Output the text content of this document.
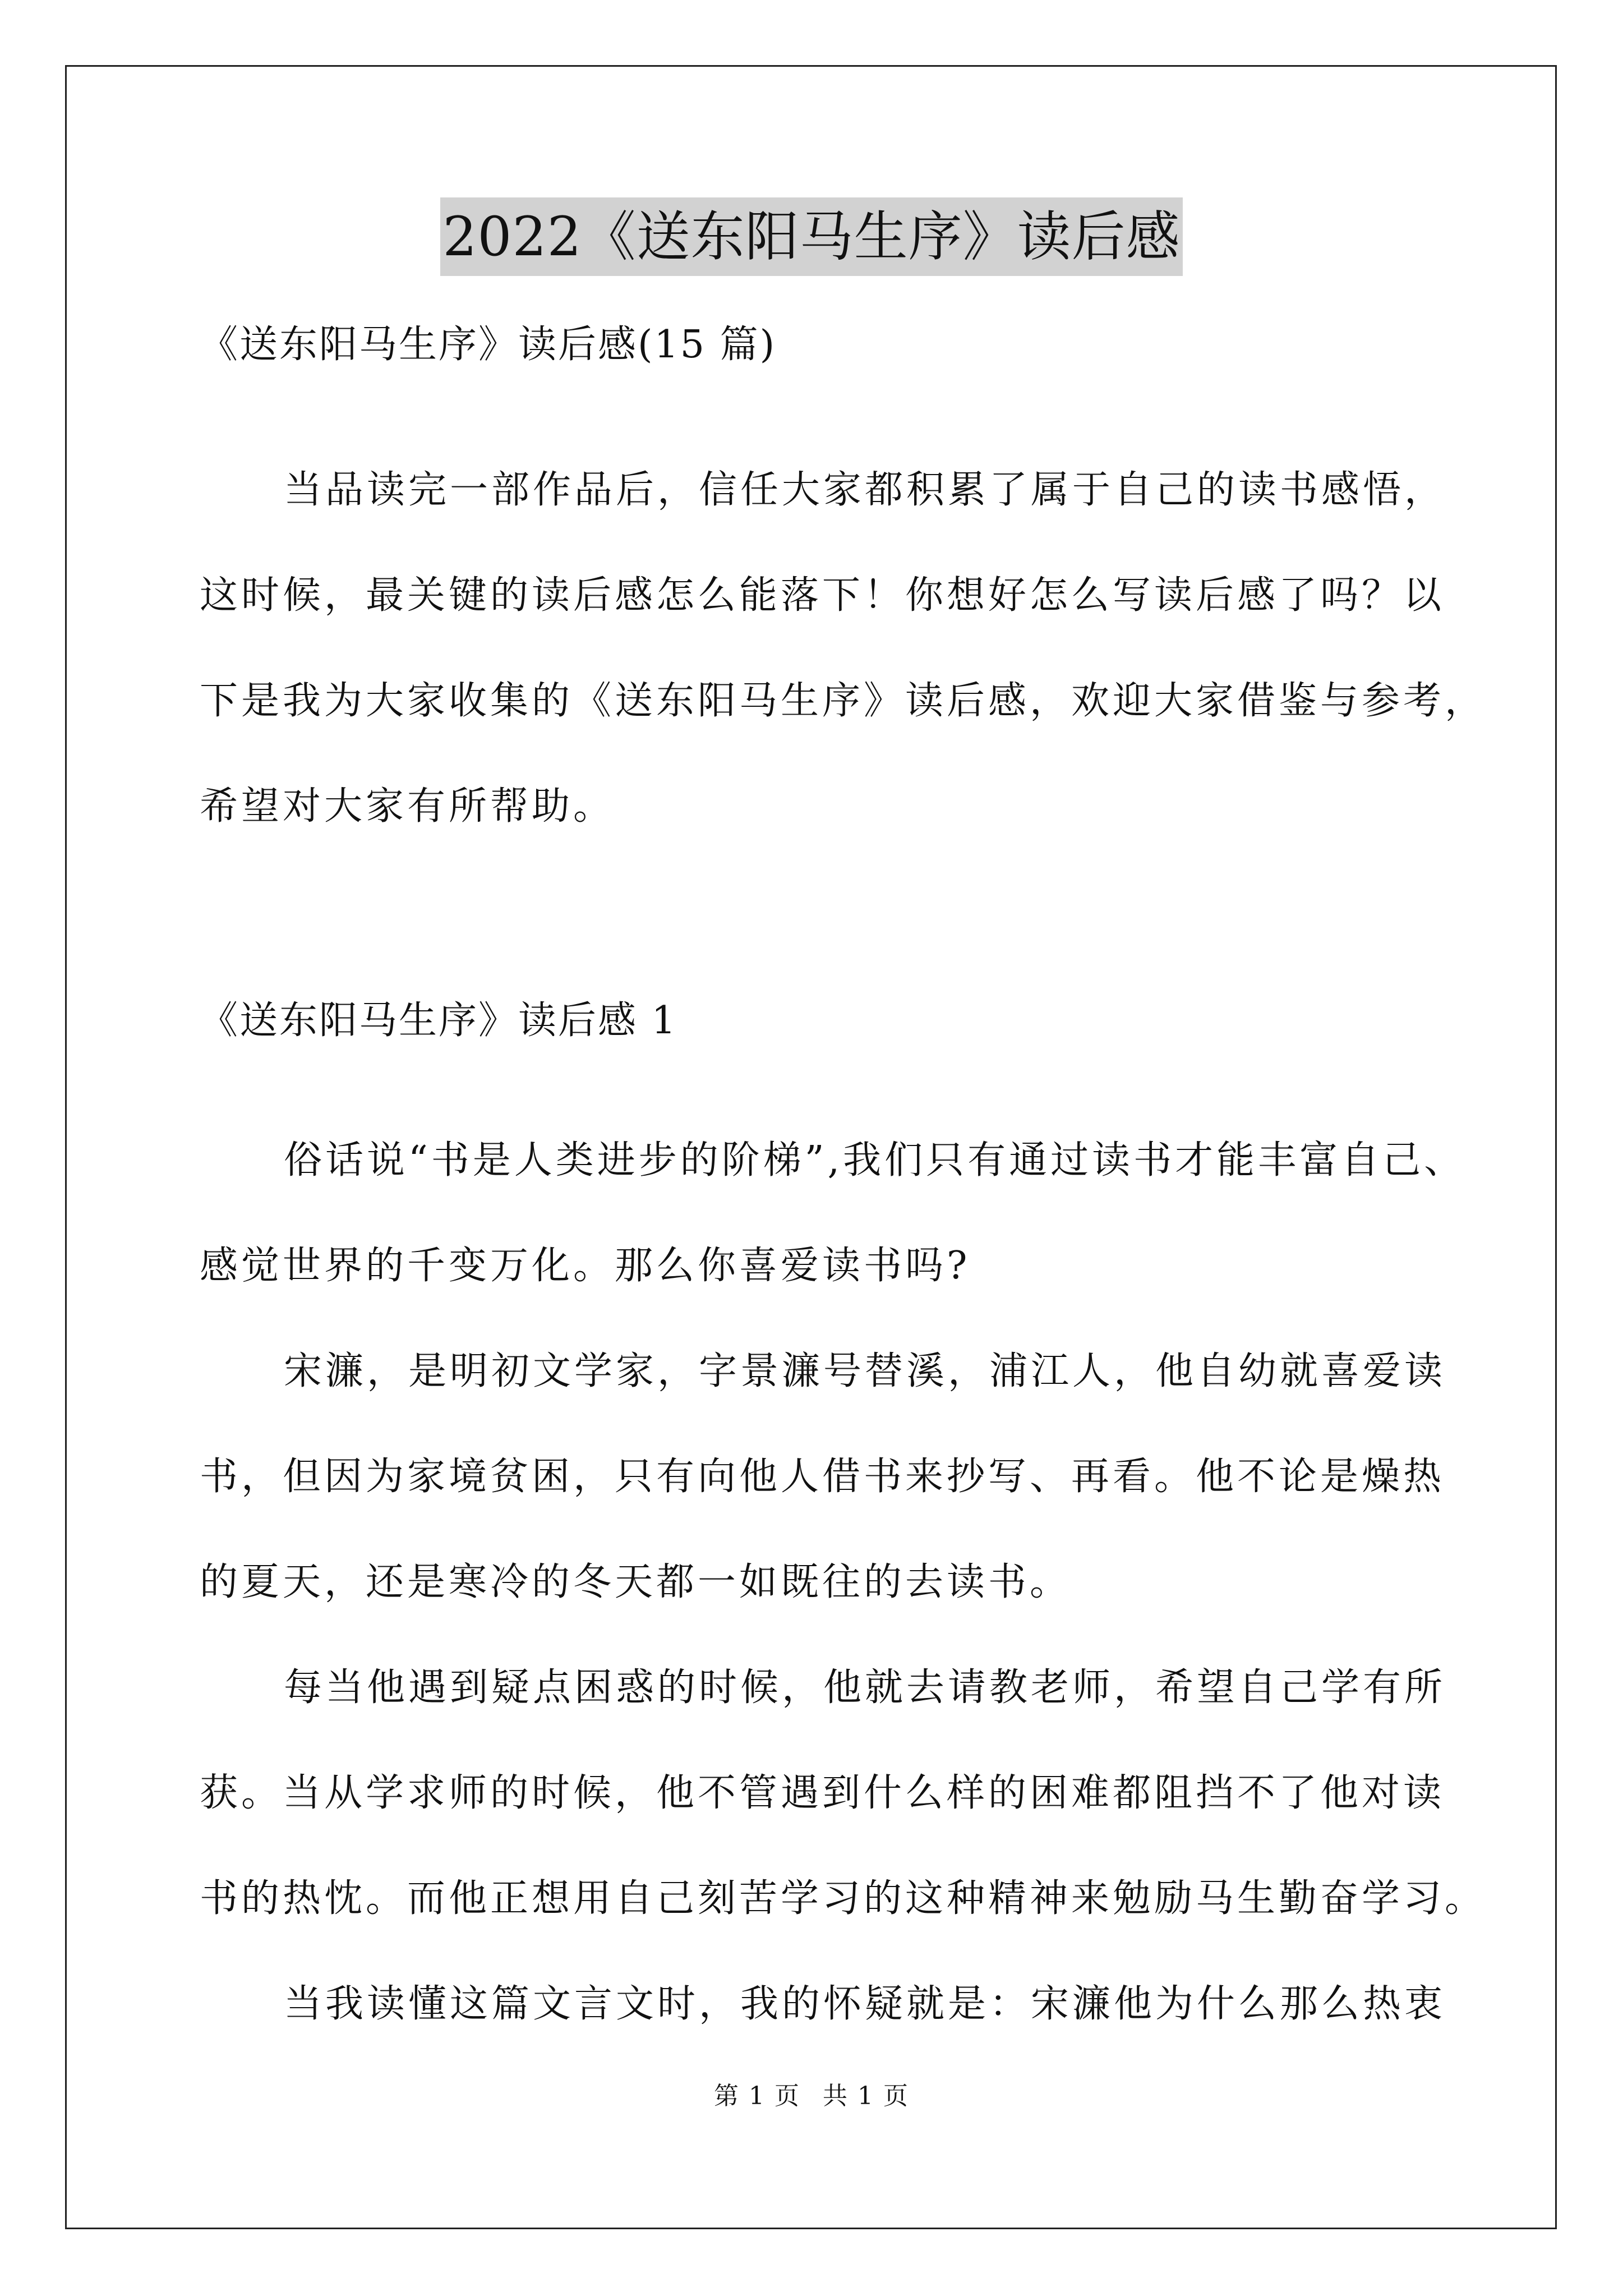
2022《送东阳马生序》读后感
《送东阳马生序》读后感(15 篇)
当品读完一部作品后，信任大家都积累了属于自己的读书感悟，
这时候，最关键的读后感怎么能落下！你想好怎么写读后感了吗？以
下是我为大家收集的《送东阳马生序》读后感，欢迎大家借鉴与参考，
希望对大家有所帮助。
《送东阳马生序》读后感 1
俗话说“书是人类进步的阶梯”,我们只有通过读书才能丰富自己、
感觉世界的千变万化。那么你喜爱读书吗?
宋濂，是明初文学家，字景濂号替溪，浦江人，他自幼就喜爱读
书，但因为家境贫困，只有向他人借书来抄写、再看。他不论是燥热
的夏天，还是寒冷的冬天都一如既往的去读书。
每当他遇到疑点困惑的时候，他就去请教老师，希望自己学有所
获。当从学求师的时候，他不管遇到什么样的困难都阻挡不了他对读
书的热忱。而他正想用自己刻苦学习的这种精神来勉励马生勤奋学习。
当我读懂这篇文言文时，我的怀疑就是：宋濂他为什么那么热衷
第 1 页 共 1 页
